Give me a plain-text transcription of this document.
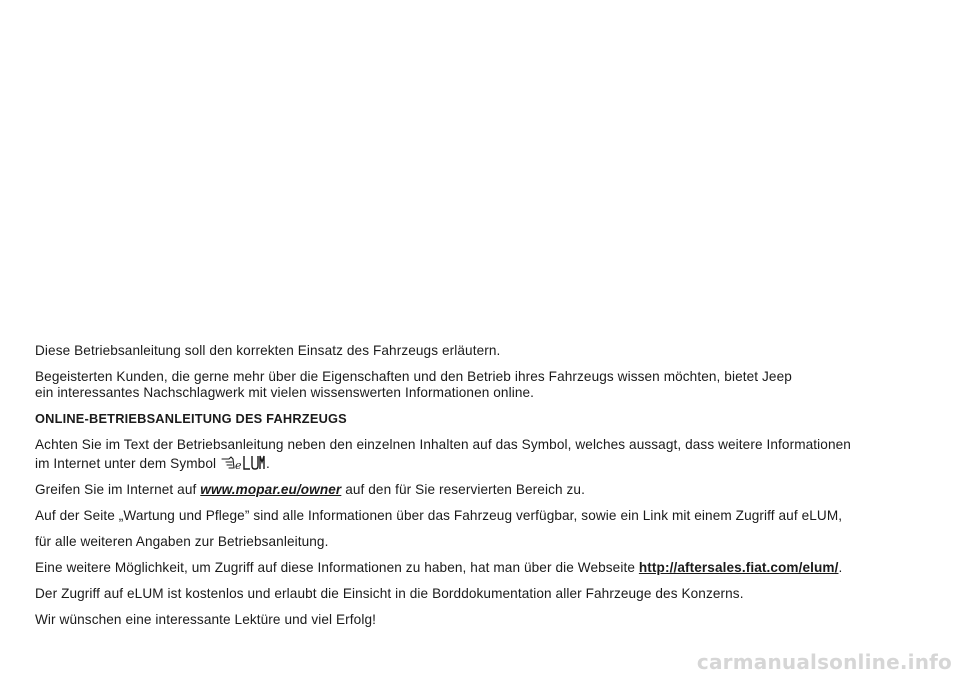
Diese Betriebsanleitung soll den korrekten Einsatz des Fahrzeugs erläutern.

Begeisterten Kunden, die gerne mehr über die Eigenschaften und den Betrieb ihres Fahrzeugs wissen möchten, bietet Jeep
ein interessantes Nachschlagwerk mit vielen wissenswerten Informationen online.

ONLINE-BETRIEBSANLEITUNG DES FAHRZEUGS

Achten Sie im Text der Betriebsanleitung neben den einzelnen Inhalten auf das Symbol, welches aussagt, dass weitere Informationen
im Internet unter dem Symbol e .

Greifen Sie im Internet auf www.mopar.eu/owner auf den für Sie reservierten Bereich zu.

Auf der Seite „Wartung und Pflege” sind alle Informationen über das Fahrzeug verfügbar, sowie ein Link mit einem Zugriff auf eLUM,

für alle weiteren Angaben zur Betriebsanleitung.

Eine weitere Möglichkeit, um Zugriff auf diese Informationen zu haben, hat man über die Webseite http://aftersales.fiat.com/elum/.

Der Zugriff auf eLUM ist kostenlos und erlaubt die Einsicht in die Borddokumentation aller Fahrzeuge des Konzerns.

Wir wünschen eine interessante Lektüre und viel Erfolg!

carmanualsonline.info
